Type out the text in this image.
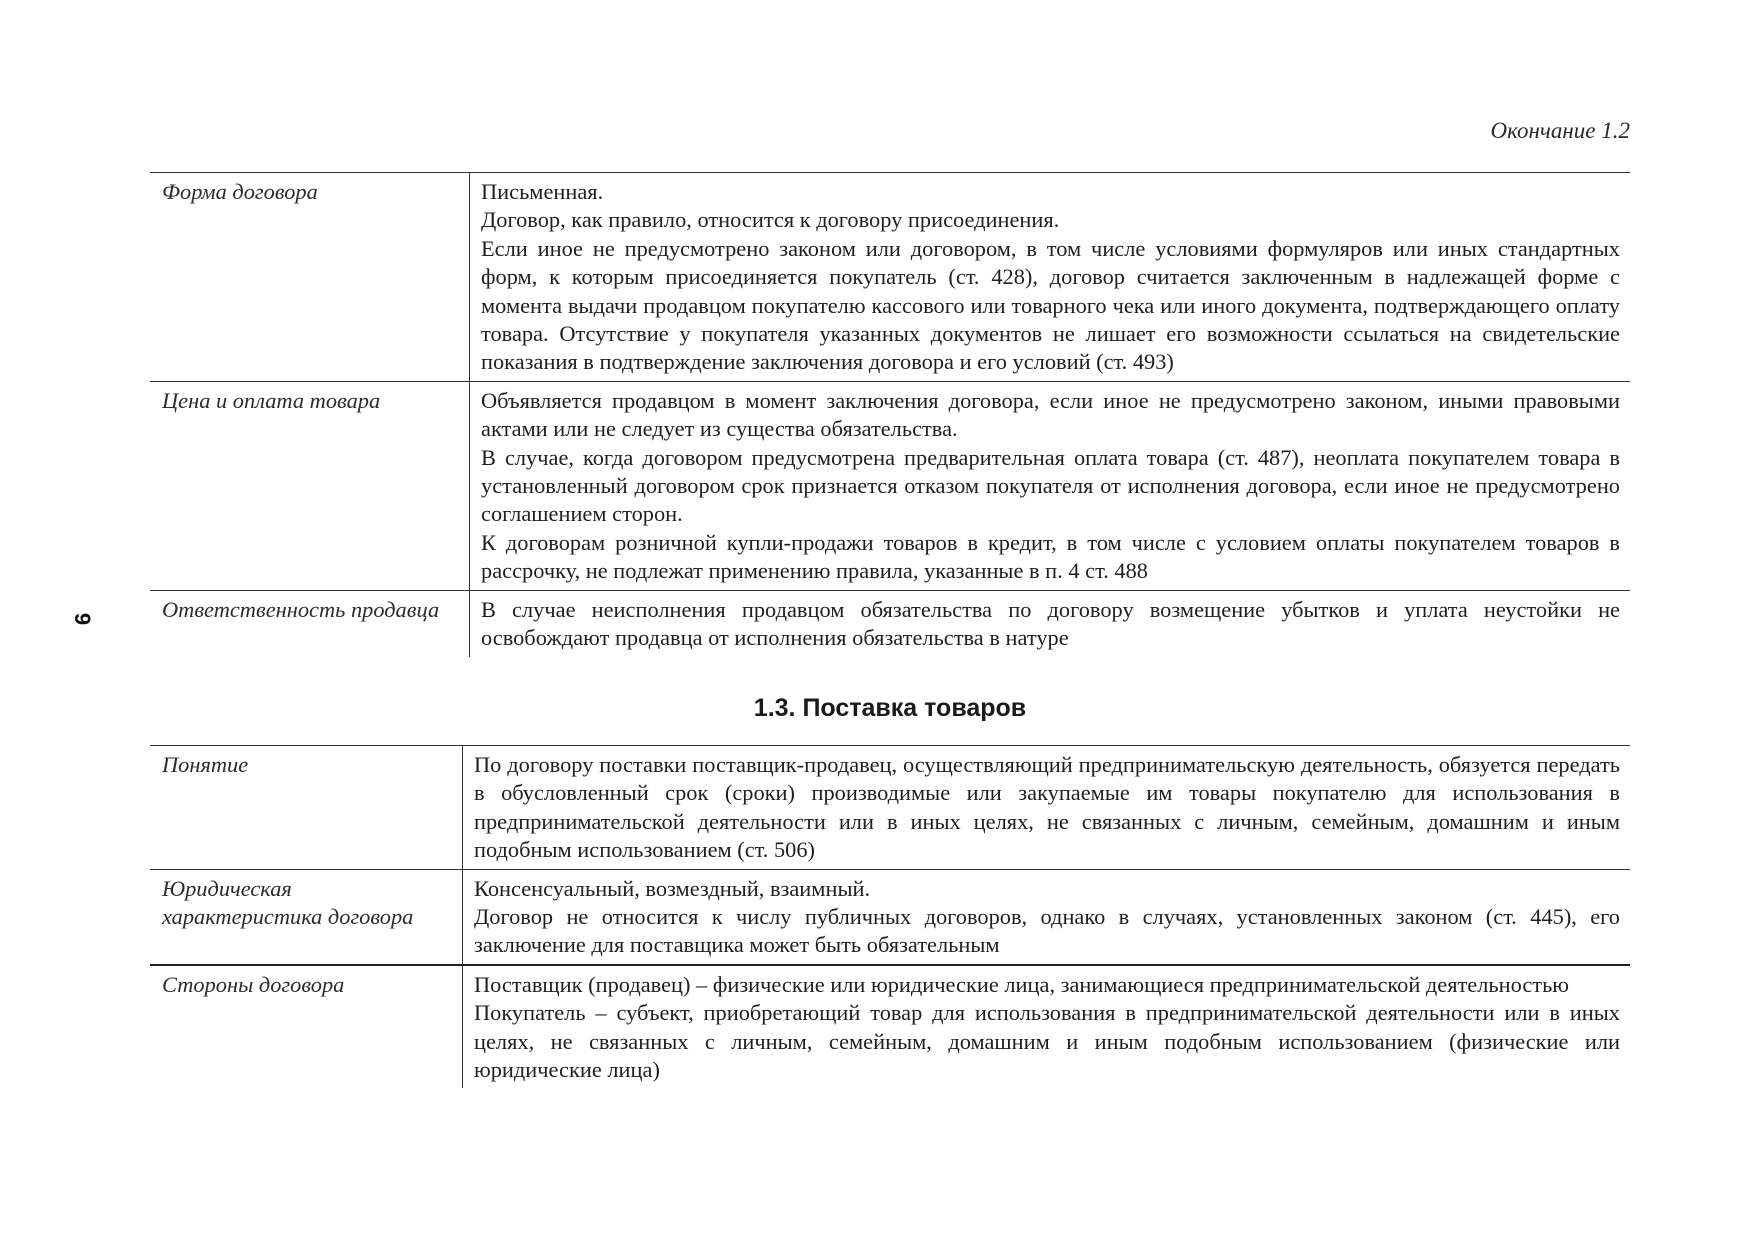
Окончание 1.2
9
Форма договора	Письменная.
Договор, как правило, относится к договору присоединения.
Если иное не предусмотрено законом или договором, в том числе условиями формуляров или иных стандартных форм, к которым присоединяется покупатель (ст. 428), договор считается заключенным в надлежащей форме с момента выдачи продавцом покупателю кассового или товарного чека или иного документа, подтверждающего оплату товара. Отсутствие у покупателя указанных документов не лишает его возможности ссылаться на свидетельские показания в подтверждение заключения договора и его условий (ст. 493)

Цена и оплата товара	Объявляется продавцом в момент заключения договора, если иное не предусмотрено законом, иными правовыми актами или не следует из существа обязательства.
В случае, когда договором предусмотрена предварительная оплата товара (ст. 487), неоплата покупателем товара в установленный договором срок признается отказом покупателя от исполнения договора, если иное не предусмотрено соглашением сторон.
К договорам розничной купли-продажи товаров в кредит, в том числе с условием оплаты покупателем товаров в рассрочку, не подлежат применению правила, указанные в п. 4 ст. 488

Ответственность продавца	В случае неисполнения продавцом обязательства по договору возмещение убытков и уплата неустойки не освобождают продавца от исполнения обязательства в натуре
1.3. Поставка товаров
Понятие	По договору поставки поставщик-продавец, осуществляющий предпринимательскую деятельность, обязуется передать в обусловленный срок (сроки) производимые или закупаемые им товары покупателю для использования в предпринимательской деятельности или в иных целях, не связанных с личным, семейным, домашним и иным подобным использованием (ст. 506)

Юридическая характеристика договора	Консенсуальный, возмездный, взаимный.
Договор не относится к числу публичных договоров, однако в случаях, установленных законом (ст. 445), его заключение для поставщика может быть обязательным

Стороны договора	Поставщик (продавец) – физические или юридические лица, занимающиеся предпринимательской деятельностью
Покупатель – субъект, приобретающий товар для использования в предпринимательской деятельности или в иных целях, не связанных с личным, семейным, домашним и иным подобным использованием (физические или юридические лица)
